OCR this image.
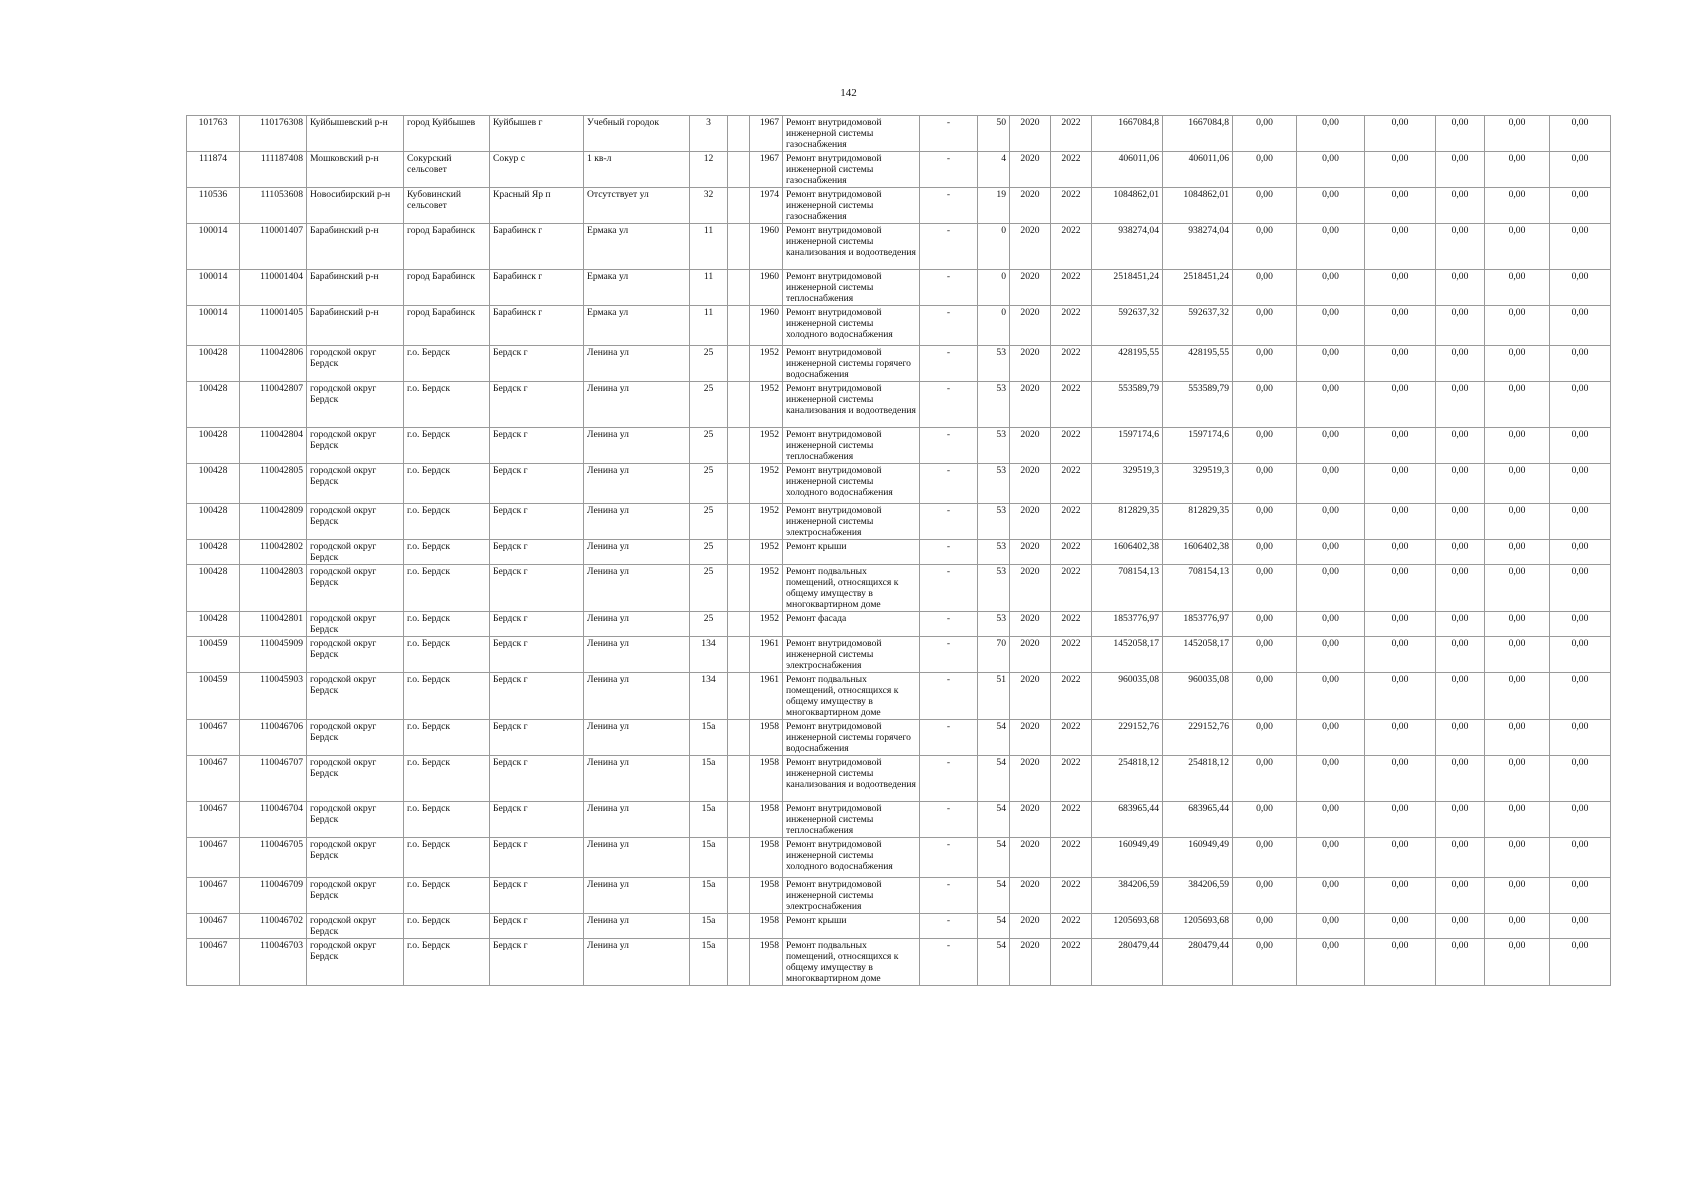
142
101763	110176308	Куйбышевский р-н	город Куйбышев	Куйбышев г	Учебный городок	3		1967	Ремонт внутридомовой инженерной системы газоснабжения	-	50	2020	2022	1667084,8	1667084,8	0,00	0,00	0,00	0,00	0,00	0,00
111874	111187408	Мошковский р-н	Сокурский сельсовет	Сокур с	1 кв-л	12		1967	Ремонт внутридомовой инженерной системы газоснабжения	-	4	2020	2022	406011,06	406011,06	0,00	0,00	0,00	0,00	0,00	0,00
110536	111053608	Новосибирский р-н	Кубовинский сельсовет	Красный Яр п	Отсутствует ул	32		1974	Ремонт внутридомовой инженерной системы газоснабжения	-	19	2020	2022	1084862,01	1084862,01	0,00	0,00	0,00	0,00	0,00	0,00
100014	110001407	Барабинский р-н	город Барабинск	Барабинск г	Ермака ул	11		1960	Ремонт внутридомовой инженерной системы канализования и водоотведения	-	0	2020	2022	938274,04	938274,04	0,00	0,00	0,00	0,00	0,00	0,00
100014	110001404	Барабинский р-н	город Барабинск	Барабинск г	Ермака ул	11		1960	Ремонт внутридомовой инженерной системы теплоснабжения	-	0	2020	2022	2518451,24	2518451,24	0,00	0,00	0,00	0,00	0,00	0,00
100014	110001405	Барабинский р-н	город Барабинск	Барабинск г	Ермака ул	11		1960	Ремонт внутридомовой инженерной системы холодного водоснабжения	-	0	2020	2022	592637,32	592637,32	0,00	0,00	0,00	0,00	0,00	0,00
100428	110042806	городской округ Бердск	г.о. Бердск	Бердск г	Ленина ул	25		1952	Ремонт внутридомовой инженерной системы горячего водоснабжения	-	53	2020	2022	428195,55	428195,55	0,00	0,00	0,00	0,00	0,00	0,00
100428	110042807	городской округ Бердск	г.о. Бердск	Бердск г	Ленина ул	25		1952	Ремонт внутридомовой инженерной системы канализования и водоотведения	-	53	2020	2022	553589,79	553589,79	0,00	0,00	0,00	0,00	0,00	0,00
100428	110042804	городской округ Бердск	г.о. Бердск	Бердск г	Ленина ул	25		1952	Ремонт внутридомовой инженерной системы теплоснабжения	-	53	2020	2022	1597174,6	1597174,6	0,00	0,00	0,00	0,00	0,00	0,00
100428	110042805	городской округ Бердск	г.о. Бердск	Бердск г	Ленина ул	25		1952	Ремонт внутридомовой инженерной системы холодного водоснабжения	-	53	2020	2022	329519,3	329519,3	0,00	0,00	0,00	0,00	0,00	0,00
100428	110042809	городской округ Бердск	г.о. Бердск	Бердск г	Ленина ул	25		1952	Ремонт внутридомовой инженерной системы электроснабжения	-	53	2020	2022	812829,35	812829,35	0,00	0,00	0,00	0,00	0,00	0,00
100428	110042802	городской округ Бердск	г.о. Бердск	Бердск г	Ленина ул	25		1952	Ремонт крыши	-	53	2020	2022	1606402,38	1606402,38	0,00	0,00	0,00	0,00	0,00	0,00
100428	110042803	городской округ Бердск	г.о. Бердск	Бердск г	Ленина ул	25		1952	Ремонт подвальных помещений, относящихся к общему имуществу в многоквартирном доме	-	53	2020	2022	708154,13	708154,13	0,00	0,00	0,00	0,00	0,00	0,00
100428	110042801	городской округ Бердск	г.о. Бердск	Бердск г	Ленина ул	25		1952	Ремонт фасада	-	53	2020	2022	1853776,97	1853776,97	0,00	0,00	0,00	0,00	0,00	0,00
100459	110045909	городской округ Бердск	г.о. Бердск	Бердск г	Ленина ул	134		1961	Ремонт внутридомовой инженерной системы электроснабжения	-	70	2020	2022	1452058,17	1452058,17	0,00	0,00	0,00	0,00	0,00	0,00
100459	110045903	городской округ Бердск	г.о. Бердск	Бердск г	Ленина ул	134		1961	Ремонт подвальных помещений, относящихся к общему имуществу в многоквартирном доме	-	51	2020	2022	960035,08	960035,08	0,00	0,00	0,00	0,00	0,00	0,00
100467	110046706	городской округ Бердск	г.о. Бердск	Бердск г	Ленина ул	15а		1958	Ремонт внутридомовой инженерной системы горячего водоснабжения	-	54	2020	2022	229152,76	229152,76	0,00	0,00	0,00	0,00	0,00	0,00
100467	110046707	городской округ Бердск	г.о. Бердск	Бердск г	Ленина ул	15а		1958	Ремонт внутридомовой инженерной системы канализования и водоотведения	-	54	2020	2022	254818,12	254818,12	0,00	0,00	0,00	0,00	0,00	0,00
100467	110046704	городской округ Бердск	г.о. Бердск	Бердск г	Ленина ул	15а		1958	Ремонт внутридомовой инженерной системы теплоснабжения	-	54	2020	2022	683965,44	683965,44	0,00	0,00	0,00	0,00	0,00	0,00
100467	110046705	городской округ Бердск	г.о. Бердск	Бердск г	Ленина ул	15а		1958	Ремонт внутридомовой инженерной системы холодного водоснабжения	-	54	2020	2022	160949,49	160949,49	0,00	0,00	0,00	0,00	0,00	0,00
100467	110046709	городской округ Бердск	г.о. Бердск	Бердск г	Ленина ул	15а		1958	Ремонт внутридомовой инженерной системы электроснабжения	-	54	2020	2022	384206,59	384206,59	0,00	0,00	0,00	0,00	0,00	0,00
100467	110046702	городской округ Бердск	г.о. Бердск	Бердск г	Ленина ул	15а		1958	Ремонт крыши	-	54	2020	2022	1205693,68	1205693,68	0,00	0,00	0,00	0,00	0,00	0,00
100467	110046703	городской округ Бердск	г.о. Бердск	Бердск г	Ленина ул	15а		1958	Ремонт подвальных помещений, относящихся к общему имуществу в многоквартирном доме	-	54	2020	2022	280479,44	280479,44	0,00	0,00	0,00	0,00	0,00	0,00
